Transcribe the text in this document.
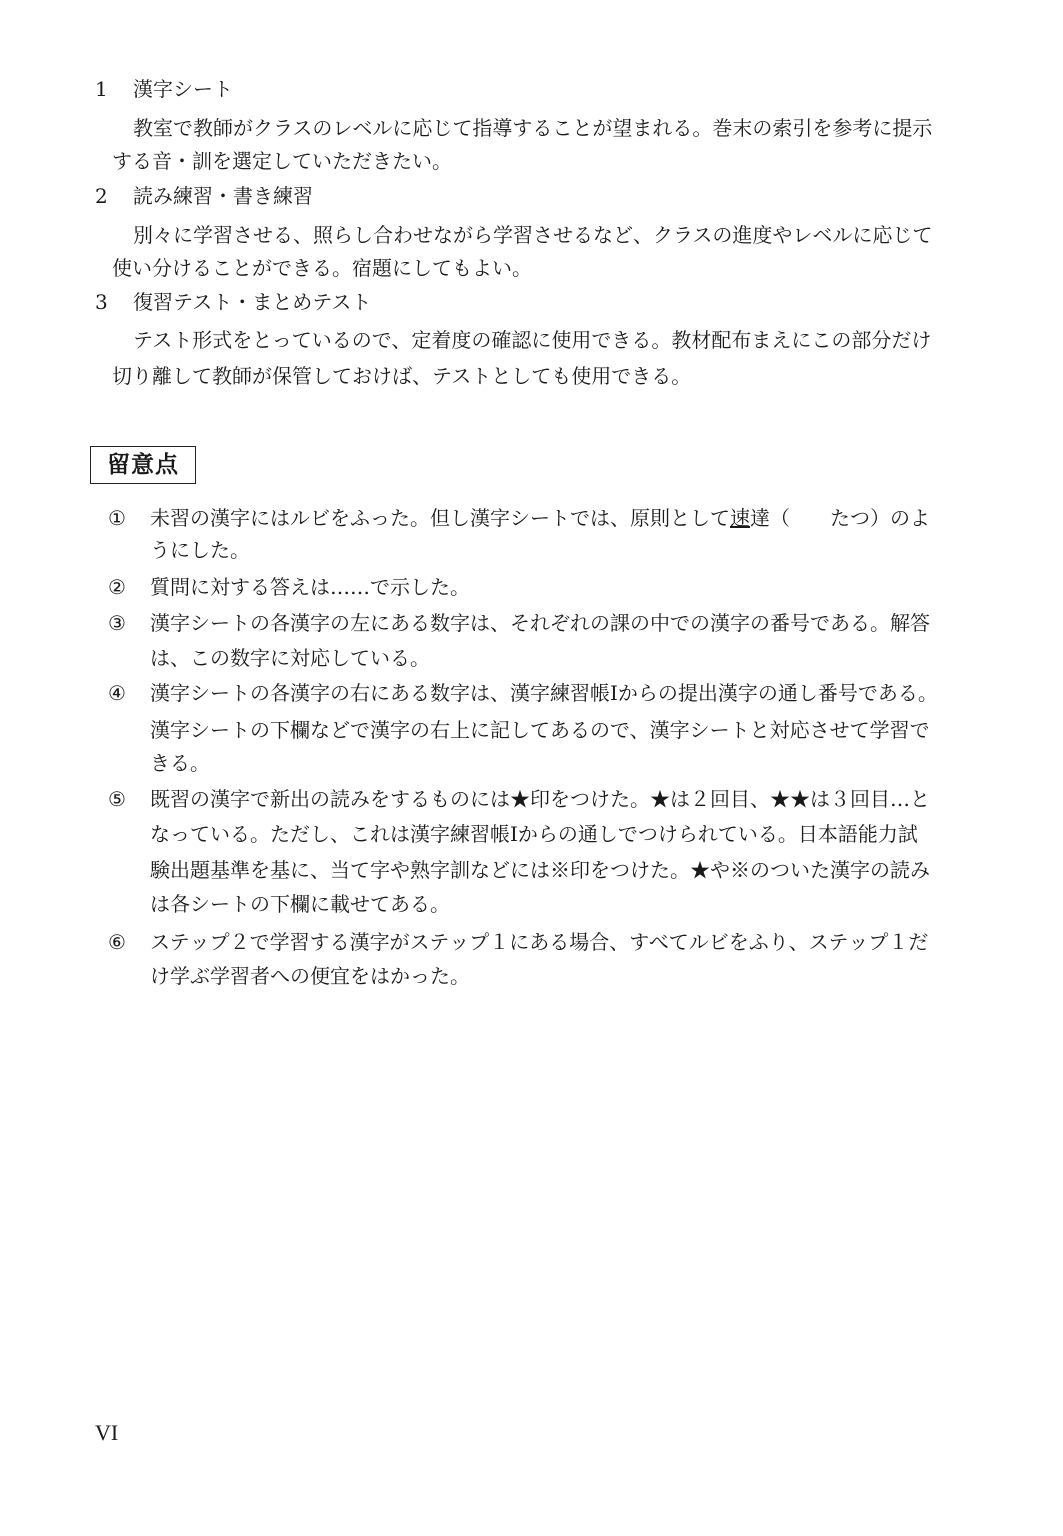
1 漢字シート
教室で教師がクラスのレベルに応じて指導することが望まれる。巻末の索引を参考に提示
する音・訓を選定していただきたい。
2 読み練習・書き練習
別々に学習させる、照らし合わせながら学習させるなど、クラスの進度やレベルに応じて
使い分けることができる。宿題にしてもよい。
3 復習テスト・まとめテスト
テスト形式をとっているので、定着度の確認に使用できる。教材配布まえにこの部分だけ
切り離して教師が保管しておけば、テストとしても使用できる。
留意点
① 未習の漢字にはルビをふった。但し漢字シートでは、原則として速達（　　たつ）のよ
うにした。
② 質問に対する答えは……で示した。
③ 漢字シートの各漢字の左にある数字は、それぞれの課の中での漢字の番号である。解答
は、この数字に対応している。
④ 漢字シートの各漢字の右にある数字は、漢字練習帳Ⅰからの提出漢字の通し番号である。
漢字シートの下欄などで漢字の右上に記してあるので、漢字シートと対応させて学習で
きる。
⑤ 既習の漢字で新出の読みをするものには★印をつけた。★は２回目、★★は３回目…と
なっている。ただし、これは漢字練習帳Ⅰからの通しでつけられている。日本語能力試
験出題基準を基に、当て字や熟字訓などには※印をつけた。★や※のついた漢字の読み
は各シートの下欄に載せてある。
⑥ ステップ２で学習する漢字がステップ１にある場合、すべてルビをふり、ステップ１だ
け学ぶ学習者への便宜をはかった。
VI
